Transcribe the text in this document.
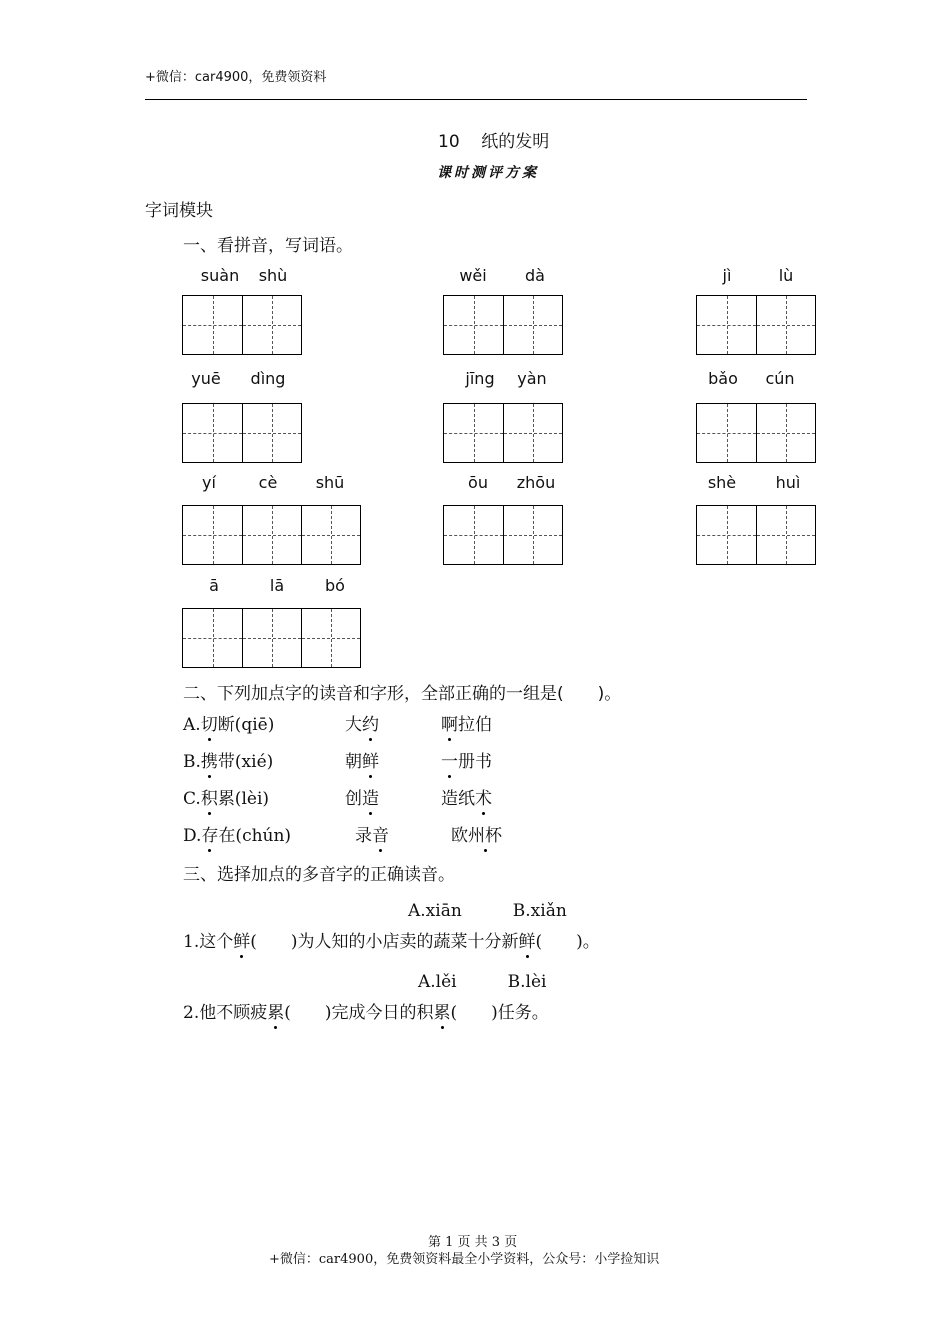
+微信：car4900，免费领资料
10 纸的发明
课时测评方案
字词模块
一、看拼音，写词语。
suàn	shù	wěi	dà	jì	lù
yuē	dìng	jīng	yàn	bǎo	cún
yí	cè	shū	ōu	zhōu	shè	huì
ā	lā	bó
二、下列加点字的读音和字形，全部正确的一组是(　　)。
A.切断(qiē)	大约	啊拉伯
B.携带(xié)	朝鲜	一册书
C.积累(lèi)	创造	造纸术
D.存在(chún)	录音	欧州杯
三、选择加点的多音字的正确读音。
A.xiān　　　B.xiǎn
1.这个鲜(　　)为人知的小店卖的蔬菜十分新鲜(　　)。
A.lěi　　　B.lèi
2.他不顾疲累(　　)完成今日的积累(　　)任务。
第 1 页 共 3 页
+微信：car4900，免费领资料最全小学资料，公众号：小学捡知识
